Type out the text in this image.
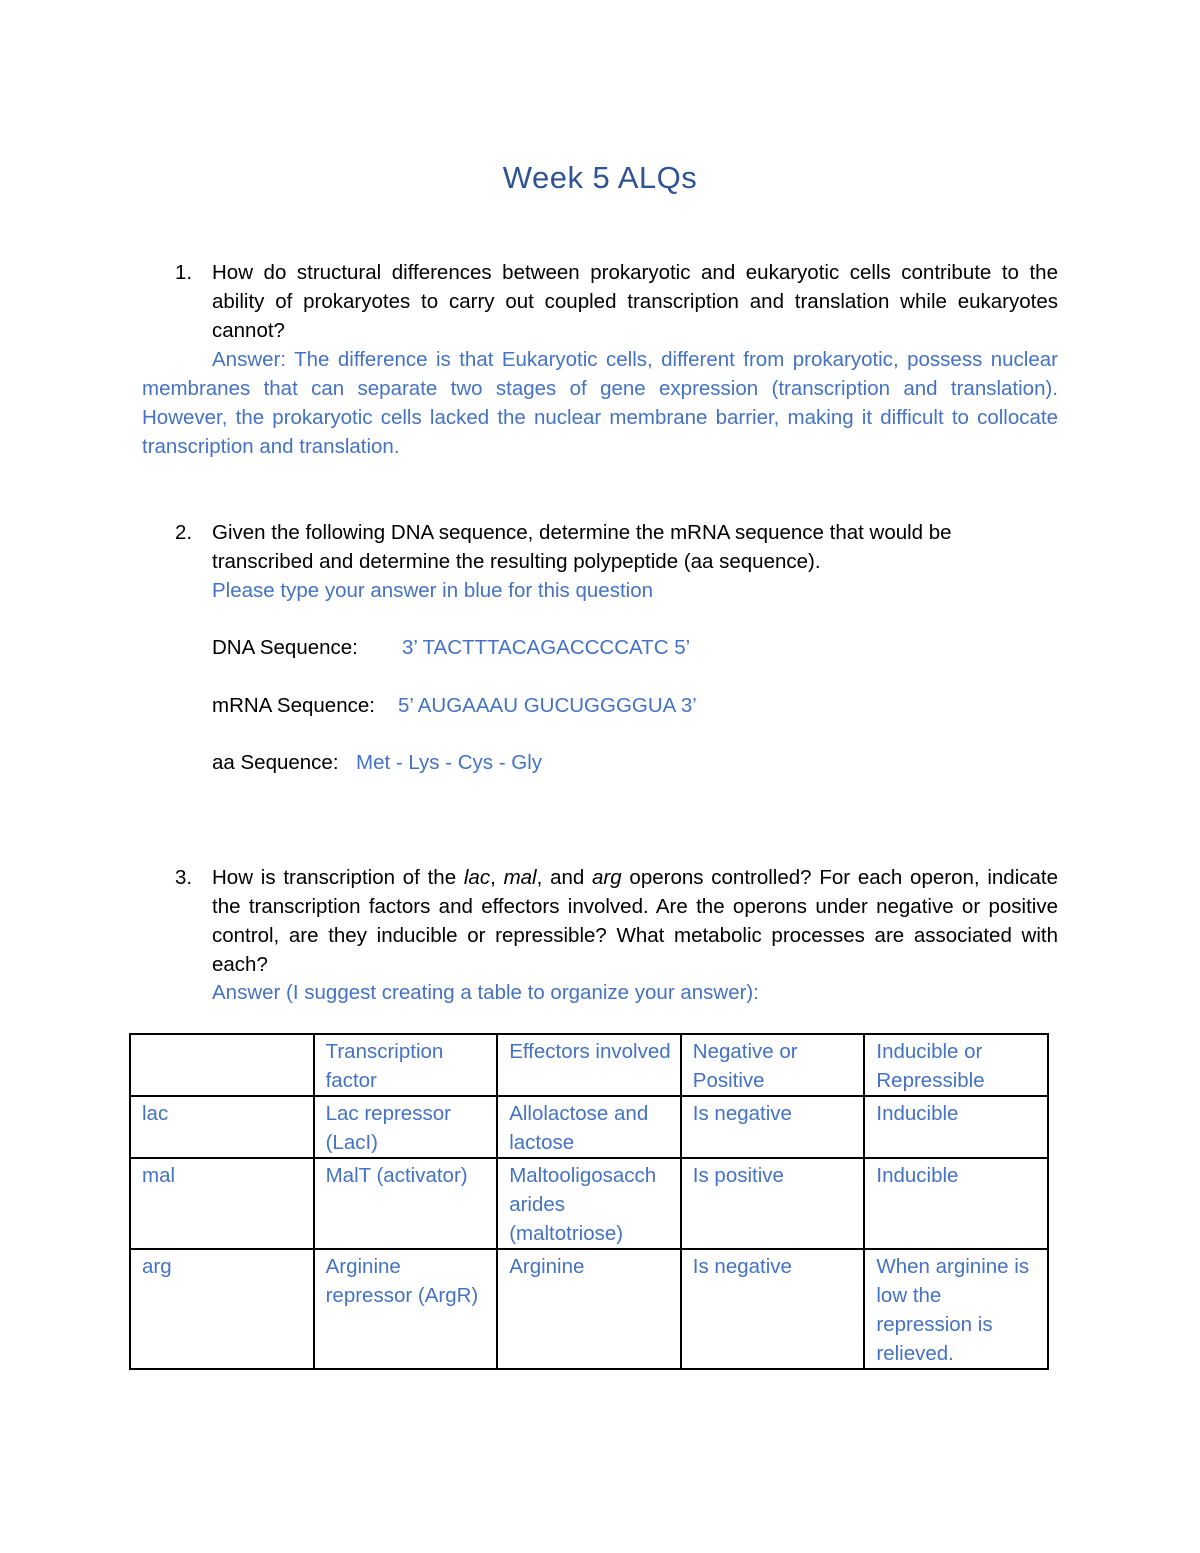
Week 5 ALQs
1. How do structural differences between prokaryotic and eukaryotic cells contribute to the ability of prokaryotes to carry out coupled transcription and translation while eukaryotes cannot?
Answer: The difference is that Eukaryotic cells, different from prokaryotic, possess nuclear membranes that can separate two stages of gene expression (transcription and translation). However, the prokaryotic cells lacked the nuclear membrane barrier, making it difficult to collocate transcription and translation.
2. Given the following DNA sequence, determine the mRNA sequence that would be transcribed and determine the resulting polypeptide (aa sequence).
Please type your answer in blue for this question
DNA Sequence: 3’ TACTTTACAGACCCCATC 5’
mRNA Sequence: 5’ AUGAAAU GUCUGGGGUA 3’
aa Sequence: Met - Lys - Cys - Gly
3. How is transcription of the lac, mal, and arg operons controlled? For each operon, indicate the transcription factors and effectors involved. Are the operons under negative or positive control, are they inducible or repressible? What metabolic processes are associated with each?
Answer (I suggest creating a table to organize your answer):
	Transcription factor	Effectors involved	Negative or Positive	Inducible or Repressible
lac	Lac repressor (LacI)	Allolactose and lactose	Is negative	Inducible
mal	MalT (activator)	Maltooligosacch arides (maltotriose)	Is positive	Inducible
arg	Arginine repressor (ArgR)	Arginine	Is negative	When arginine is low the repression is relieved.
